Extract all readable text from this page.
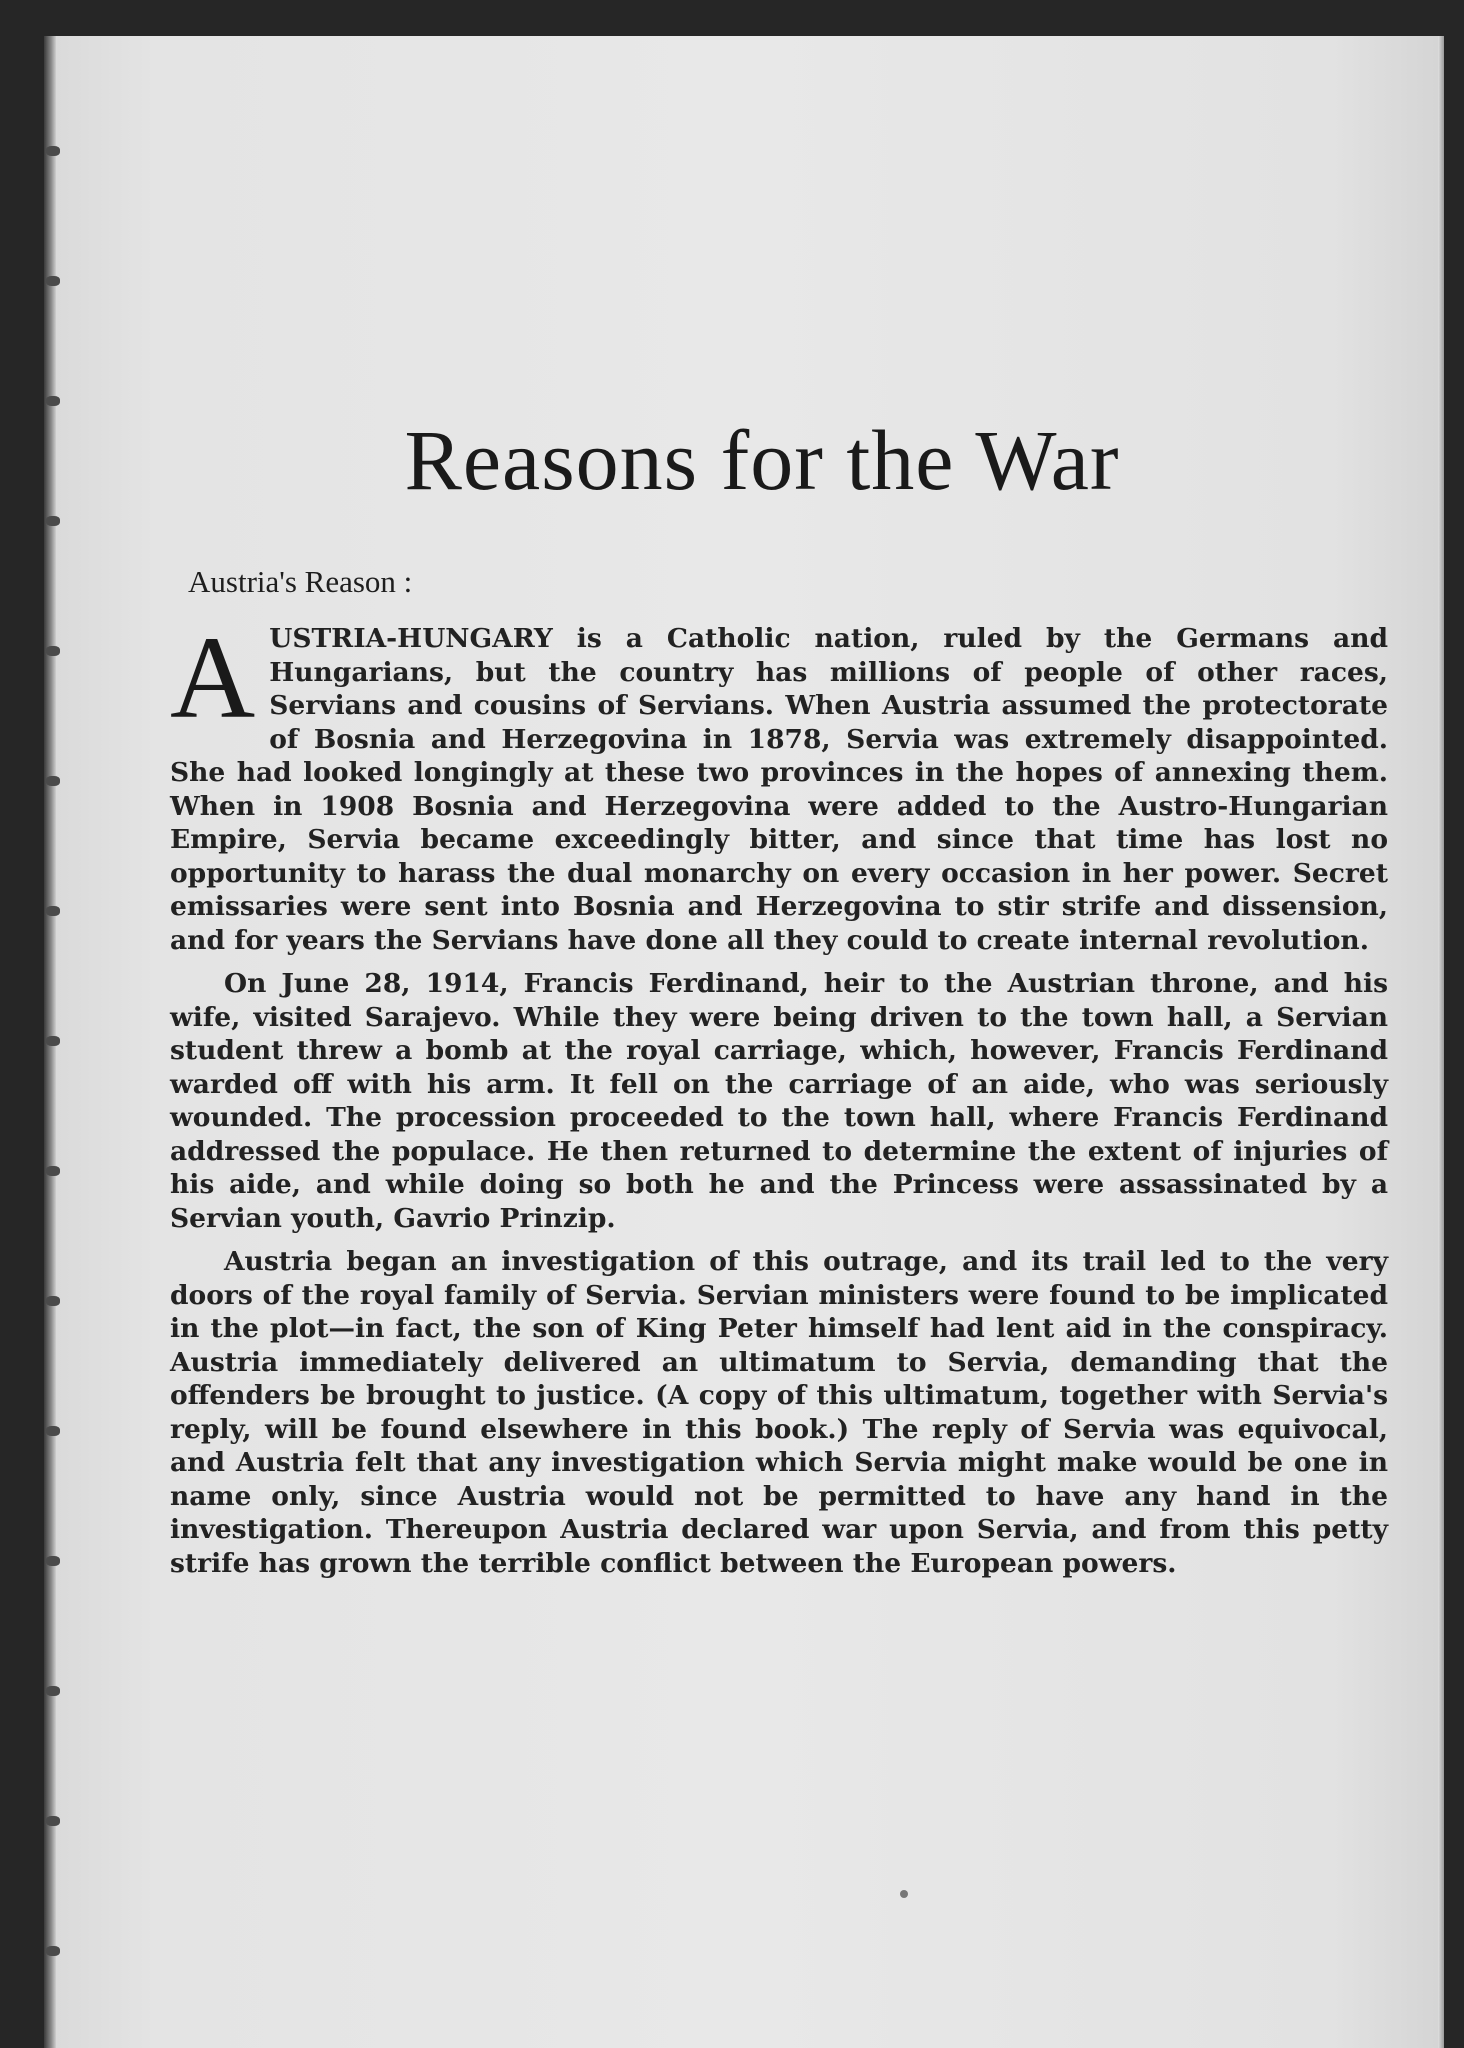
Reasons for the War
Austria's Reason :

AUSTRIA-HUNGARY is a Catholic nation, ruled by the Germans and Hungarians, but the country has millions of people of other races, Servians and cousins of Servians. When Austria assumed the protectorate of Bosnia and Herzegovina in 1878, Servia was extremely disappointed. She had looked longingly at these two provinces in the hopes of annexing them. When in 1908 Bosnia and Herzegovina were added to the Austro-Hungarian Empire, Servia became exceedingly bitter, and since that time has lost no opportunity to harass the dual monarchy on every occasion in her power. Secret emissaries were sent into Bosnia and Herzegovina to stir strife and dissension, and for years the Servians have done all they could to create internal revolution.

On June 28, 1914, Francis Ferdinand, heir to the Austrian throne, and his wife, visited Sarajevo. While they were being driven to the town hall, a Servian student threw a bomb at the royal carriage, which, however, Francis Ferdinand warded off with his arm. It fell on the carriage of an aide, who was seriously wounded. The procession proceeded to the town hall, where Francis Ferdinand addressed the populace. He then returned to determine the extent of injuries of his aide, and while doing so both he and the Princess were assassinated by a Servian youth, Gavrio Prinzip.

Austria began an investigation of this outrage, and its trail led to the very doors of the royal family of Servia. Servian ministers were found to be implicated in the plot—in fact, the son of King Peter himself had lent aid in the conspiracy. Austria immediately delivered an ultimatum to Servia, demanding that the offenders be brought to justice. (A copy of this ultimatum, together with Servia's reply, will be found elsewhere in this book.) The reply of Servia was equivocal, and Austria felt that any investigation which Servia might make would be one in name only, since Austria would not be permitted to have any hand in the investigation. Thereupon Austria declared war upon Servia, and from this petty strife has grown the terrible conflict between the European powers.
